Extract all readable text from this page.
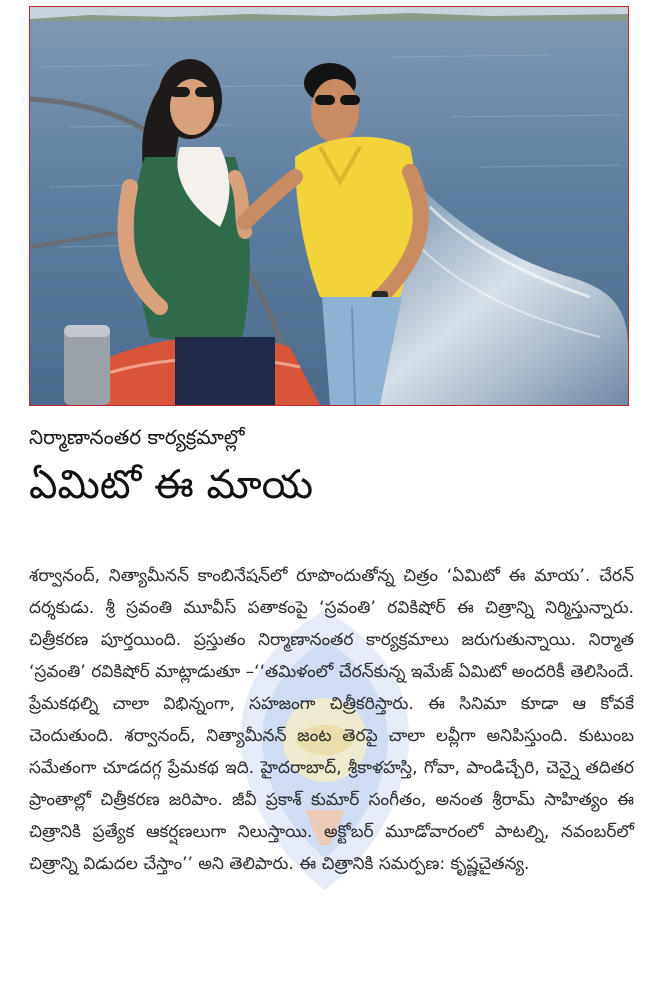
నిర్మాణానంతర కార్యక్రమాల్లో
ఏమిటో ఈ మాయ

శర్వానంద్, నిత్యామీనన్ కాంబినేషన్‌లో రూపొందుతోన్న చిత్రం ‘ఏమిటో ఈ మాయ’. చేరన్ దర్శకుడు. శ్రీ స్రవంతి మూవీస్ పతాకంపై ‘స్రవంతి’ రవికిషోర్ ఈ చిత్రాన్ని నిర్మిస్తున్నారు. చిత్రీకరణ పూర్తయింది. ప్రస్తుతం నిర్మాణానంతర కార్యక్రమాలు జరుగుతున్నాయి. నిర్మాత ‘స్రవంతి’ రవికిషోర్ మాట్లాడుతూ –‘‘తమిళంలో చేరన్‌కున్న ఇమేజ్ ఏమిటో అందరికీ తెలిసిందే. ప్రేమకథల్ని చాలా విభిన్నంగా, సహజంగా చిత్రీకరిస్తారు. ఈ సినిమా కూడా ఆ కోవకే చెందుతుంది. శర్వానంద్, నిత్యామీనన్ జంట తెరపై చాలా లవ్లీగా అనిపిస్తుంది. కుటుంబ సమేతంగా చూడదగ్గ ప్రేమకథ ఇది. హైదరాబాద్, శ్రీకాళహస్తి, గోవా, పాండిచ్చేరి, చెన్నై తదితర ప్రాంతాల్లో చిత్రీకరణ జరిపాం. జీవీ ప్రకాశ్ కుమార్ సంగీతం, అనంత శ్రీరామ్ సాహిత్యం ఈ చిత్రానికి ప్రత్యేక ఆకర్షణలుగా నిలుస్తాయి. అక్టోబర్ మూడోవారంలో పాటల్ని, నవంబర్‌లో చిత్రాన్ని విడుదల చేస్తాం’’ అని తెలిపారు. ఈ చిత్రానికి సమర్పణ: కృష్ణచైతన్య.
